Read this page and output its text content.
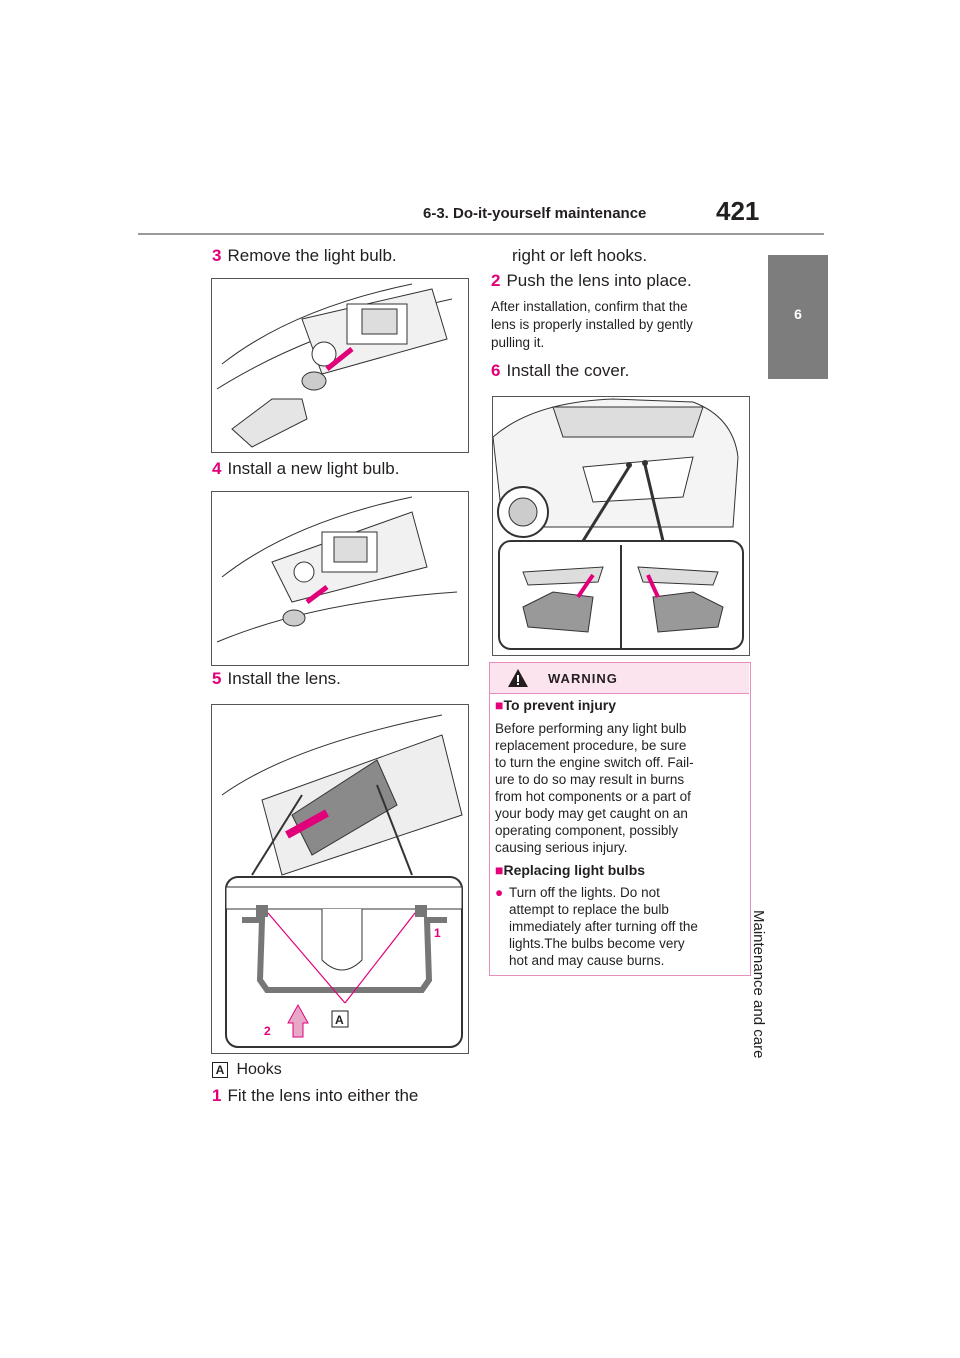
6-3. Do-it-yourself maintenance	421
6
Maintenance and care
3 Remove the light bulb.
4 Install a new light bulb.
5 Install the lens.
1
2
A
A Hooks
1 Fit the lens into either the
right or left hooks.
2 Push the lens into place.
After installation, confirm that the
lens is properly installed by gently
pulling it.
6 Install the cover.
WARNING
■To prevent injury
Before performing any light bulb
replacement procedure, be sure
to turn the engine switch off. Fail-
ure to do so may result in burns
from hot components or a part of
your body may get caught on an
operating component, possibly
causing serious injury.
■Replacing light bulbs
● Turn off the lights. Do not
attempt to replace the bulb
immediately after turning off the
lights.The bulbs become very
hot and may cause burns.
